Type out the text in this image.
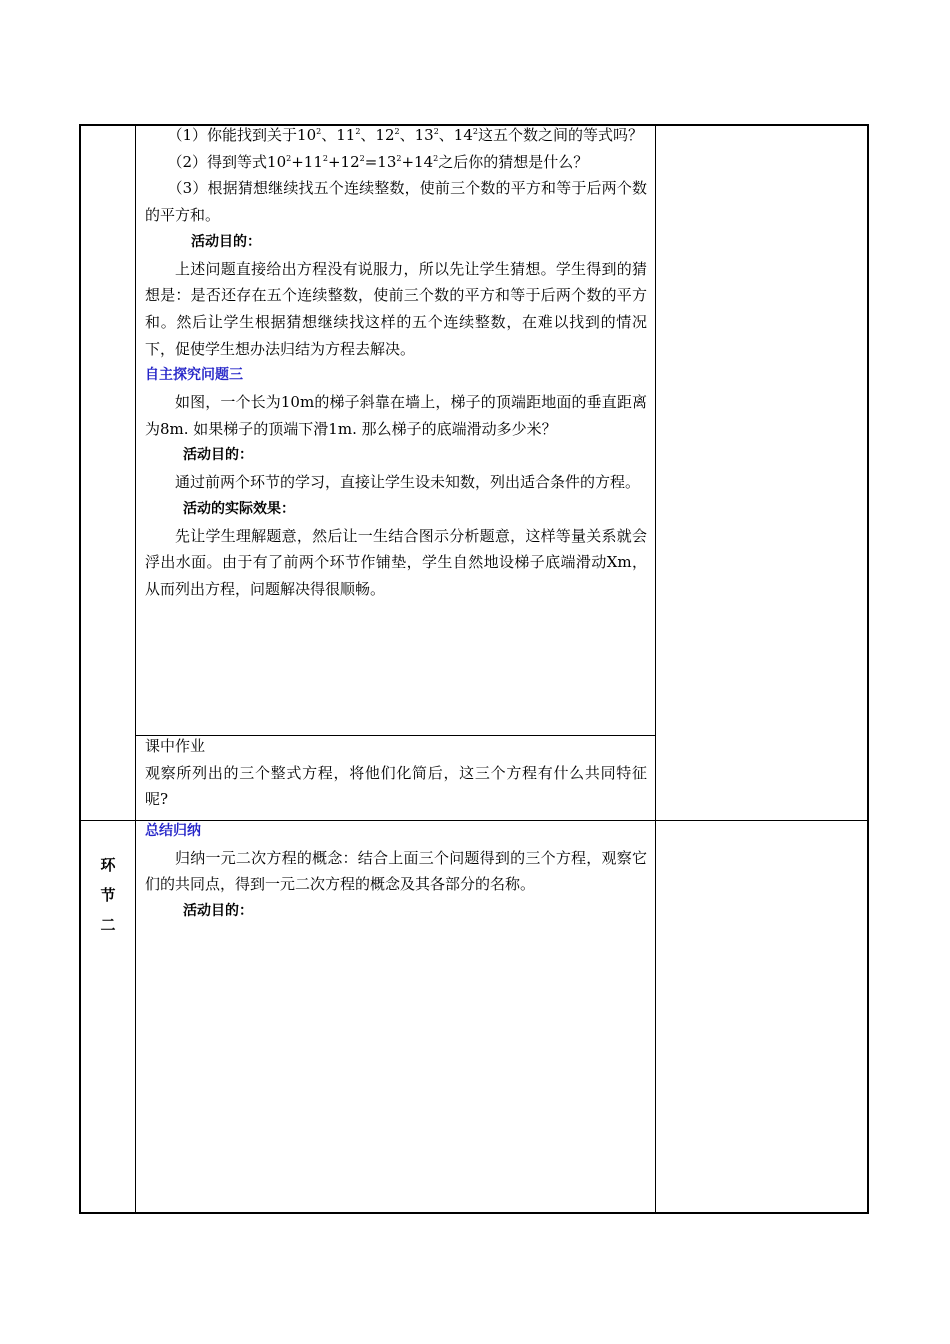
（1）你能找到关于$10^2$、$11^2$、$12^2$、$13^2$、$14^2$这五个数之间的等式吗？

（2）得到等式$10^2+11^2+12^2=13^2+14^2$之后你的猜想是什么？

（3）根据猜想继续找五个连续整数，使前三个数的平方和等于后两个数的平方和。

活动目的：

上述问题直接给出方程没有说服力，所以先让学生猜想。学生得到的猜想是：是否还存在五个连续整数，使前三个数的平方和等于后两个数的平方和。然后让学生根据猜想继续找这样的五个连续整数，在难以找到的情况下，促使学生想办法归结为方程去解决。

自主探究问题三

如图，一个长为10m的梯子斜靠在墙上，梯子的顶端距地面的垂直距离为8m. 如果梯子的顶端下滑1m. 那么梯子的底端滑动多少米？

活动目的：

通过前两个环节的学习，直接让学生设未知数，列出适合条件的方程。

活动的实际效果：

先让学生理解题意，然后让一生结合图示分析题意，这样等量关系就会浮出水面。由于有了前两个环节作铺垫，学生自然地设梯子底端滑动Xm，从而列出方程，问题解决得很顺畅。

课中作业

观察所列出的三个整式方程，将他们化简后，这三个方程有什么共同特征呢?

环
节
二

总结归纳

归纳一元二次方程的概念：结合上面三个问题得到的三个方程，观察它们的共同点，得到一元二次方程的概念及其各部分的名称。

活动目的：
